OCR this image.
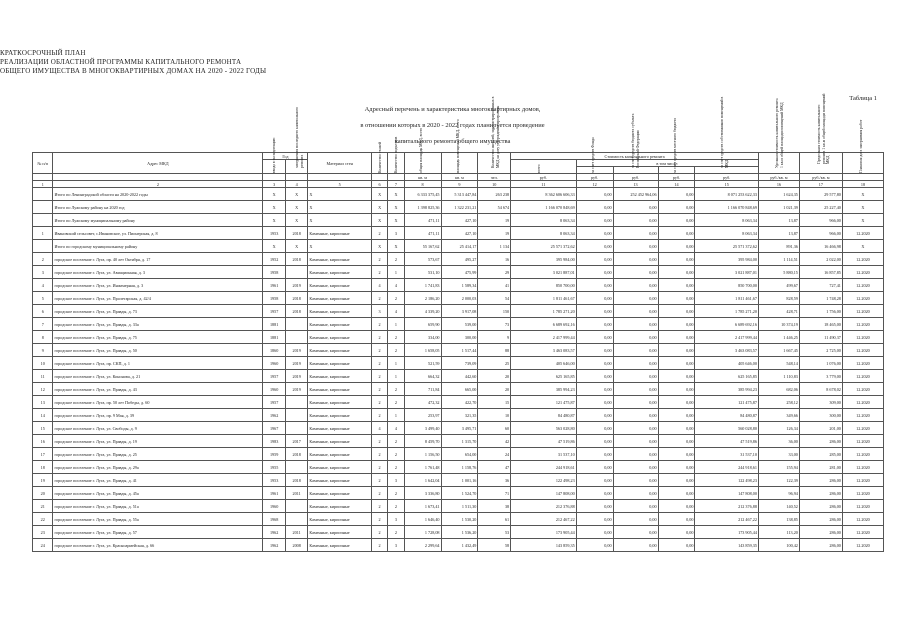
КРАТКОСРОЧНЫЙ ПЛАН
РЕАЛИЗАЦИИ ОБЛАСТНОЙ ПРОГРАММЫ КАПИТАЛЬНОГО РЕМОНТА
ОБЩЕГО ИМУЩЕСТВА В МНОГОКВАРТИРНЫХ ДОМАХ НА 2020 - 2022 ГОДЫ
Таблица 1
Адресный перечень и характеристика многоквартирных домов,
в отношении которых в 2020 - 2022 годах планируется проведение
капитального ремонта общего имущества
№ п/п	Адрес МКД	Год		Материал стен	Количество этажей	Количество подъездов	общая площадь МКД, всего	площадь помещений МКД, всего	Количество жителей, зарегистрированных в МКД на дату утверждения программы	Стоимость капитального ремонта					Удельная стоимость капитального ремонта 1 кв.м общей площади помещений МКД	Предельная стоимость капитального ремонта 1 кв.м общей площади помещений МКД	Плановая дата завершения работ

		ввода в эксплуатацию	завершения последнего капитального ремонта							всего	в том числе:						

											за счет средств Фонда	за счет средств бюджета субъекта Российской Федерации	за счет средств местного бюджета	за счет средств собственников помещений в МКД			

							кв. м	кв. м	чел.	руб.	руб.	руб.	руб.	руб.	руб./кв. м	руб./кв. м	
1	2	3	4	5	6	7	8	9	10	11	12	13	14	15	16	17	18
	Итого по Ленинградской области на 2020-2022 годы	Х	Х	Х	Х	Х	6 333 375,45	5 313 447,84	263 238	8 362 606 606,33	0,00	252 452 964,06	0,00	8 071 253 622,33	1 624,35	29 577,80	Х
	Итого по Лужскому району на 2020 год	Х	Х	Х	Х	Х	1 398 825,36	1 322 231,21	54 674	1 166 070 848,69	0,00	0,00	0,00	1 166 070 848,69	1 021,39	25 227,40	Х
	Итого по Лужскому муниципальному району	Х	Х	Х	Х	Х	471,11	427,10	19	8 063,34	0,00	0,00	0,00	8 063,34	13,87	966,00	Х
1	Ивановский сельсовет, с.Ивановское, ул. Пионерская, д. 8	1953	2018	Каменные, кирпичные	2	3	471,11	427,10	19	8 063,34	0,00	0,00	0,00	8 063,34	13,87	966,00	12.2020
	Итого по городскому муниципальному району	Х	Х	Х	Х	Х	55 167,62	25 414,17	1 134	25 571 372,62	0,00	0,00	0,00	25 571 372,62	891,36	16 466,98	Х
2	городское поселение г. Луга, пр. 40 лет Октября, д. 17	1952	2018	Каменные, кирпичные	2	2	573,67	495,27	16	395 984,00	0,00	0,00	0,00	395 984,00	1 114,51	2 022,00	12.2020
3	городское поселение г. Луга, ул. Авиационная, д. 3	1958		Каменные, кирпичные	2	1	531,10	475,99	29	3 021 887,01	0,00	0,00	0,00	3 021 887,01	5 880,15	16 857,85	12.2020
4	городское поселение г. Луга, ул. Инженерная, д. 3	1961	2019	Каменные, кирпичные	4	4	1 741,83	1 589,34	41	850 700,00	0,00	0,00	0,00	850 700,00	499,67	727,41	12.2020
5	городское поселение г. Луга, ул. Пролетарская, д. 42/4	1958	2018	Каменные, кирпичные	2	2	2 186,20	2 000,03	54	1 811 461,67	0,00	0,00	0,00	1 811 461,67	828,59	1 748,28	12.2020
6	городское поселение г. Луга, ул. Правды, д. 73	1957	2018	Каменные, кирпичные	3	4	4 339,20	3 917,08	150	1 785 271,20	0,00	0,00	0,00	1 785 271,20	428,71	1 756,00	12.2020
7	городское поселение г. Луга, ул. Правды, д. 33а	1881		Каменные, кирпичные	2	1	659,90	539,00	73	6 689 692,16	0,00	0,00	0,00	6 689 692,16	10 374,19	18 465,00	12.2020
8	городское поселение г. Луга, ул. Правды, д. 75	1881		Каменные, кирпичные	2	2	334,00	300,00	9	2 417 999,44	0,00	0,00	0,00	2 417 999,44	1 446,25	11 490,37	12.2020
9	городское поселение г. Луга, ул. Правды, д. 50	1860	2019	Каменные, кирпичные	2	2	1 658,05	1 517,44	88	3 463 083,57	0,00	0,00	0,00	3 463 083,57	1 667,45	2 725,00	12.2020
10	городское поселение г. Луга, пр. СКП, д. 1	1960	2019	Каменные, кирпичные	2	1	521,59	739,09	25	405 646,00	0,00	0,00	0,00	405 646,00	548,14	1 076,00	12.2020
11	городское поселение г. Луга, ул. Кононова, д. 21	1957	2019	Каменные, кирпичные	2	1	664,32	442,60	20	625 165,85	0,00	0,00	0,00	625 165,85	1 110,83	3 779,00	12.2020
12	городское поселение г. Луга, ул. Правды, д. 43	1960	2019	Каменные, кирпичные	2	2	711,84	665,00	20	385 994,23	0,00	0,00	0,00	385 994,23	682,06	8 678,02	12.2020
13	городское поселение г. Луга, пр. 50 лет Победы, д. 60	1957		Каменные, кирпичные	2	2	472,32	422,70	15	121 475,87	0,00	0,00	0,00	121 475,87	258,12	309,00	12.2020
14	городское поселение г. Луга, пр. 9 Мая, д. 39	1962		Каменные, кирпичные	2	1	253,97	321,35	10	84 480,87	0,00	0,00	0,00	84 480,87	349,66	300,00	12.2020
15	городское поселение г. Луга, ул. Свободы, д. 9	1967		Каменные, кирпичные	4	4	3 499,40	3 495,71	60	563 028,80	0,00	0,00	0,00	560 028,80	126,34	201,00	12.2020
16	городское поселение г. Луга, ул. Правды, д. 19	1983	2017	Каменные, кирпичные	2	2	8 459,70	1 315,70	42	47 519,86	0,00	0,00	0,00	47 519,86	36,00	286,00	12.2020
17	городское поселение г. Луга, ул. Правды, д. 25	1959	2018	Каменные, кирпичные	2	2	1 156,50	654,00	24	31 537,10	0,00	0,00	0,00	31 537,10	33,00	285,00	12.2020
18	городское поселение г. Луга, ул. Правды, д. 29а	1955		Каменные, кирпичные	2	2	1 761,48	1 158,76	47	244 918,61	0,00	0,00	0,00	244 918,61	155,94	281,00	12.2020
19	городское поселение г. Луга, ул. Правды, д. 41	1953	2018	Каменные, кирпичные	2	3	1 642,04	1 001,16	36	122 498,23	0,00	0,00	0,00	122 498,23	122,39	286,00	12.2020
20	городское поселение г. Луга, ул. Правды, д. 45а	1961	2011	Каменные, кирпичные	2	2	3 336,80	1 524,70	71	147 808,00	0,00	0,00	0,00	147 808,00	96,94	286,00	12.2020
21	городское поселение г. Луга, ул. Правды, д. 51а	1960		Каменные, кирпичные	2	2	1 673,41	1 511,30	38	212 376,88	0,00	0,00	0,00	212 376,88	140,52	286,00	12.2020
22	городское поселение г. Луга, ул. Правды, д. 55а	1968		Каменные, кирпичные	2	3	1 646,40	1 530,20	61	212 467,22	0,00	0,00	0,00	212 467,22	138,85	286,00	12.2020
23	городское поселение г. Луга, ул. Правды, д. 57	1962	2011	Каменные, кирпичные	2	2	1 728,08	1 536,20	53	173 905,44	0,00	0,00	0,00	173 905,44	113,20	286,00	12.2020
24	городское поселение г. Луга, ул. Красноармейская, д. 66	1962	2008	Каменные, кирпичные	2	3	2 299,64	1 432,49	58	143 859,35	0,00	0,00	0,00	143 859,35	100,42	286,00	12.2020
